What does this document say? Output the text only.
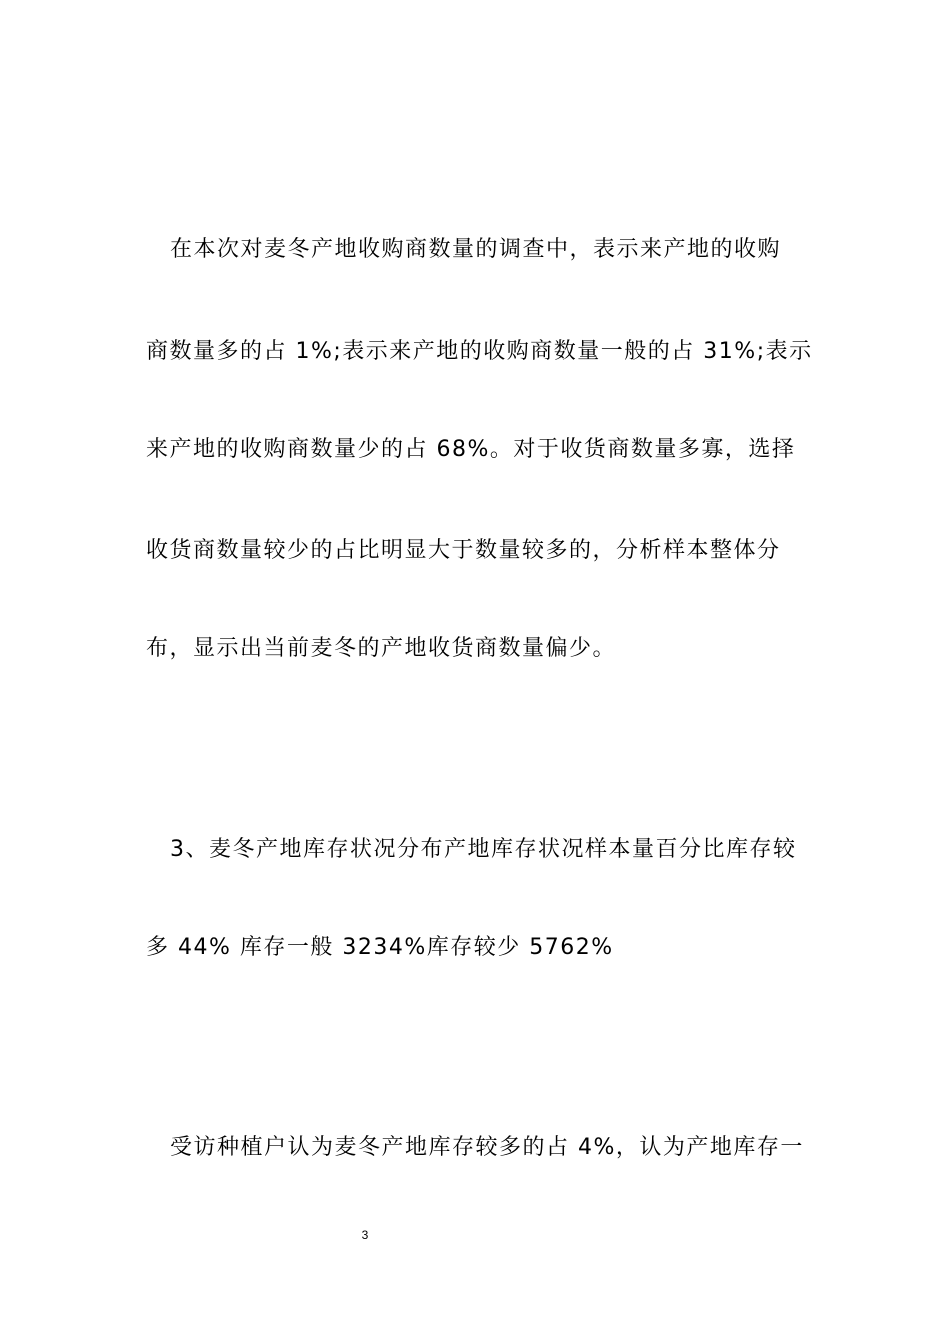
在本次对麦冬产地收购商数量的调查中，表示来产地的收购
商数量多的占 1%;表示来产地的收购商数量一般的占 31%;表示
来产地的收购商数量少的占 68%。对于收货商数量多寡，选择
收货商数量较少的占比明显大于数量较多的，分析样本整体分
布，显示出当前麦冬的产地收货商数量偏少。
3、麦冬产地库存状况分布产地库存状况样本量百分比库存较
多 44% 库存一般 3234%库存较少 5762%
受访种植户认为麦冬产地库存较多的占 4%，认为产地库存一
3
